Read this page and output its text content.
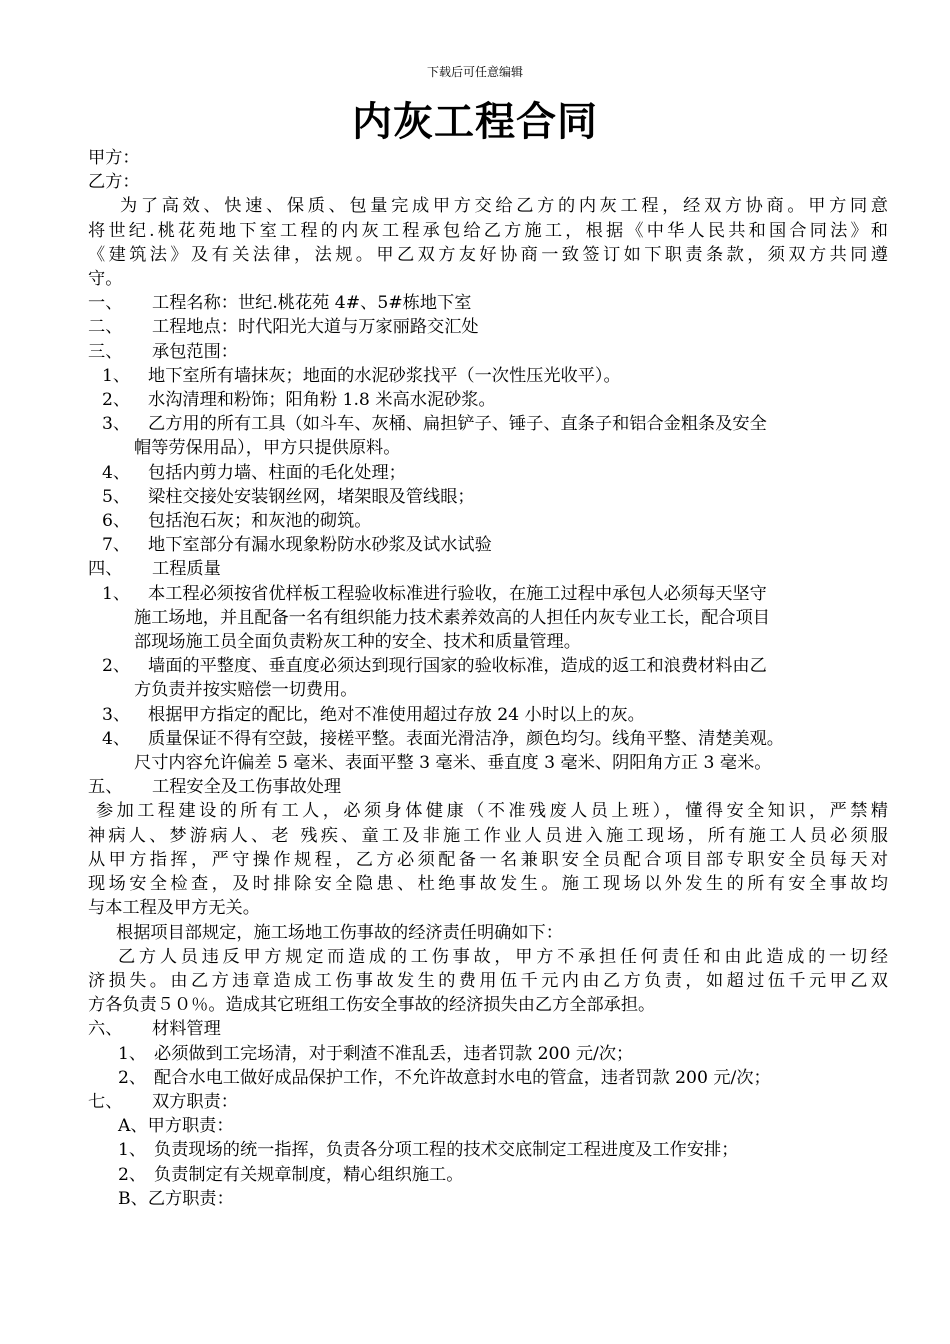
下载后可任意编辑
内灰工程合同
甲方：
乙方：
为了高效、快速、保质、包量完成甲方交给乙方的内灰工程，经双方协商。甲方同意
将世纪.桃花苑地下室工程的内灰工程承包给乙方施工，根据《中华人民共和国合同法》和
《建筑法》及有关法律，法规。甲乙双方友好协商一致签订如下职责条款，须双方共同遵
守。
一、 工程名称：世纪.桃花苑 4#、5#栋地下室
二、 工程地点：时代阳光大道与万家丽路交汇处
三、 承包范围：
1、 地下室所有墙抹灰；地面的水泥砂浆找平（一次性压光收平）。
2、 水沟清理和粉饰；阳角粉 1.8 米高水泥砂浆。
3、 乙方用的所有工具（如斗车、灰桶、扁担铲子、锤子、直条子和铝合金粗条及安全
帽等劳保用品），甲方只提供原料。
4、 包括内剪力墙、柱面的毛化处理；
5、 梁柱交接处安装钢丝网，堵架眼及管线眼；
6、 包括泡石灰；和灰池的砌筑。
7、 地下室部分有漏水现象粉防水砂浆及试水试验
四、 工程质量
1、 本工程必须按省优样板工程验收标准进行验收，在施工过程中承包人必须每天坚守
施工场地，并且配备一名有组织能力技术素养效高的人担任内灰专业工长，配合项目
部现场施工员全面负责粉灰工种的安全、技术和质量管理。
2、 墙面的平整度、垂直度必须达到现行国家的验收标准，造成的返工和浪费材料由乙
方负责并按实赔偿一切费用。
3、 根据甲方指定的配比，绝对不准使用超过存放 24 小时以上的灰。
4、 质量保证不得有空鼓，接槎平整。表面光滑洁净，颜色均匀。线角平整、清楚美观。
尺寸内容允许偏差 5 毫米、表面平整 3 毫米、垂直度 3 毫米、阴阳角方正 3 毫米。
五、 工程安全及工伤事故处理
参加工程建设的所有工人，必须身体健康（不准残废人员上班），懂得安全知识，严禁精
神病人、梦游病人、老 残疾、童工及非施工作业人员进入施工现场，所有施工人员必须服
从甲方指挥，严守操作规程，乙方必须配备一名兼职安全员配合项目部专职安全员每天对
现场安全检查，及时排除安全隐患、杜绝事故发生。施工现场以外发生的所有安全事故均
与本工程及甲方无关。
根据项目部规定，施工场地工伤事故的经济责任明确如下：
乙方人员违反甲方规定而造成的工伤事故，甲方不承担任何责任和由此造成的一切经
济损失。由乙方违章造成工伤事故发生的费用伍千元内由乙方负责，如超过伍千元甲乙双
方各负责５０％。造成其它班组工伤安全事故的经济损失由乙方全部承担。
六、 材料管理
1、 必须做到工完场清，对于剩渣不准乱丢，违者罚款 200 元/次；
2、 配合水电工做好成品保护工作，不允许故意封水电的管盒，违者罚款 200 元/次；
七、 双方职责：
A、甲方职责：
1、 负责现场的统一指挥，负责各分项工程的技术交底制定工程进度及工作安排；
2、 负责制定有关规章制度，精心组织施工。
B、乙方职责：
